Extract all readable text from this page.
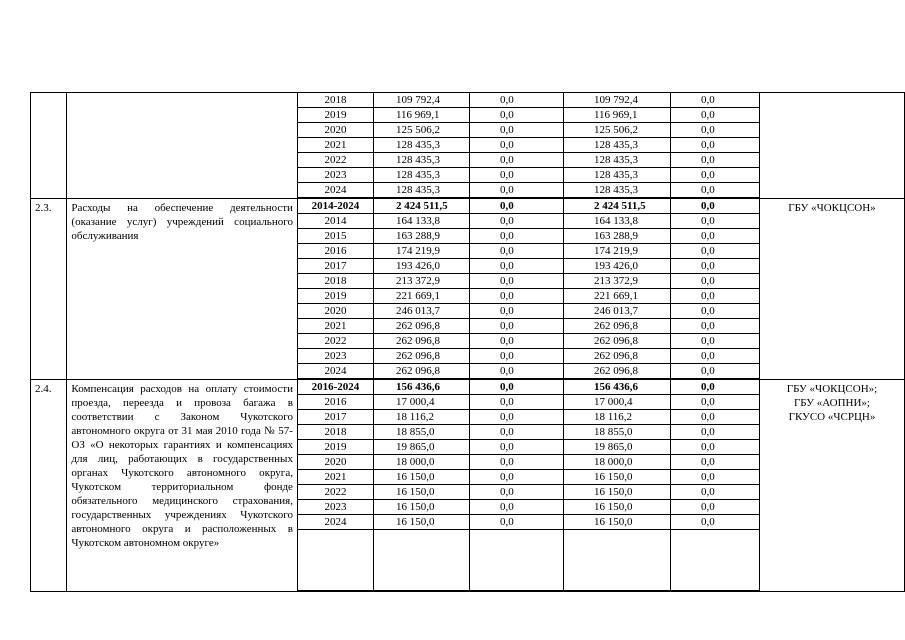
2018	109 792,4	0,0	109 792,4	0,0
2019	116 969,1	0,0	116 969,1	0,0
2020	125 506,2	0,0	125 506,2	0,0
2021	128 435,3	0,0	128 435,3	0,0
2022	128 435,3	0,0	128 435,3	0,0
2023	128 435,3	0,0	128 435,3	0,0
2024	128 435,3	0,0	128 435,3	0,0

2.3.	Расходы на обеспечение деятельности (оказание услуг) учреждений социального обслуживания	
2014-2024	2 424 511,5	0,0	2 424 511,5	0,0
2014	164 133,8	0,0	164 133,8	0,0
2015	163 288,9	0,0	163 288,9	0,0
2016	174 219,9	0,0	174 219,9	0,0
2017	193 426,0	0,0	193 426,0	0,0
2018	213 372,9	0,0	213 372,9	0,0
2019	221 669,1	0,0	221 669,1	0,0
2020	246 013,7	0,0	246 013,7	0,0
2021	262 096,8	0,0	262 096,8	0,0
2022	262 096,8	0,0	262 096,8	0,0
2023	262 096,8	0,0	262 096,8	0,0
2024	262 096,8	0,0	262 096,8	0,0

ГБУ «ЧОКЦСОН»

2.4.	Компенсация расходов на оплату стоимости проезда, переезда и провоза багажа в соответствии с Законом Чукотского автономного округа от 31 мая 2010 года № 57-ОЗ «О некоторых гарантиях и компенсациях для лиц, работающих в государственных органах Чукотского автономного округа, Чукотском территориальном фонде обязательного медицинского страхования, государственных учреждениях Чукотского автономного округа и расположенных в Чукотском автономном округе»	
2016-2024	156 436,6	0,0	156 436,6	0,0
2016	17 000,4	0,0	17 000,4	0,0
2017	18 116,2	0,0	18 116,2	0,0
2018	18 855,0	0,0	18 855,0	0,0
2019	19 865,0	0,0	19 865,0	0,0
2020	18 000,0	0,0	18 000,0	0,0
2021	16 150,0	0,0	16 150,0	0,0
2022	16 150,0	0,0	16 150,0	0,0
2023	16 150,0	0,0	16 150,0	0,0
2024	16 150,0	0,0	16 150,0	0,0

ГБУ «ЧОКЦСОН»;
ГБУ «АОПНИ»;
ГКУСО «ЧСРЦН»
